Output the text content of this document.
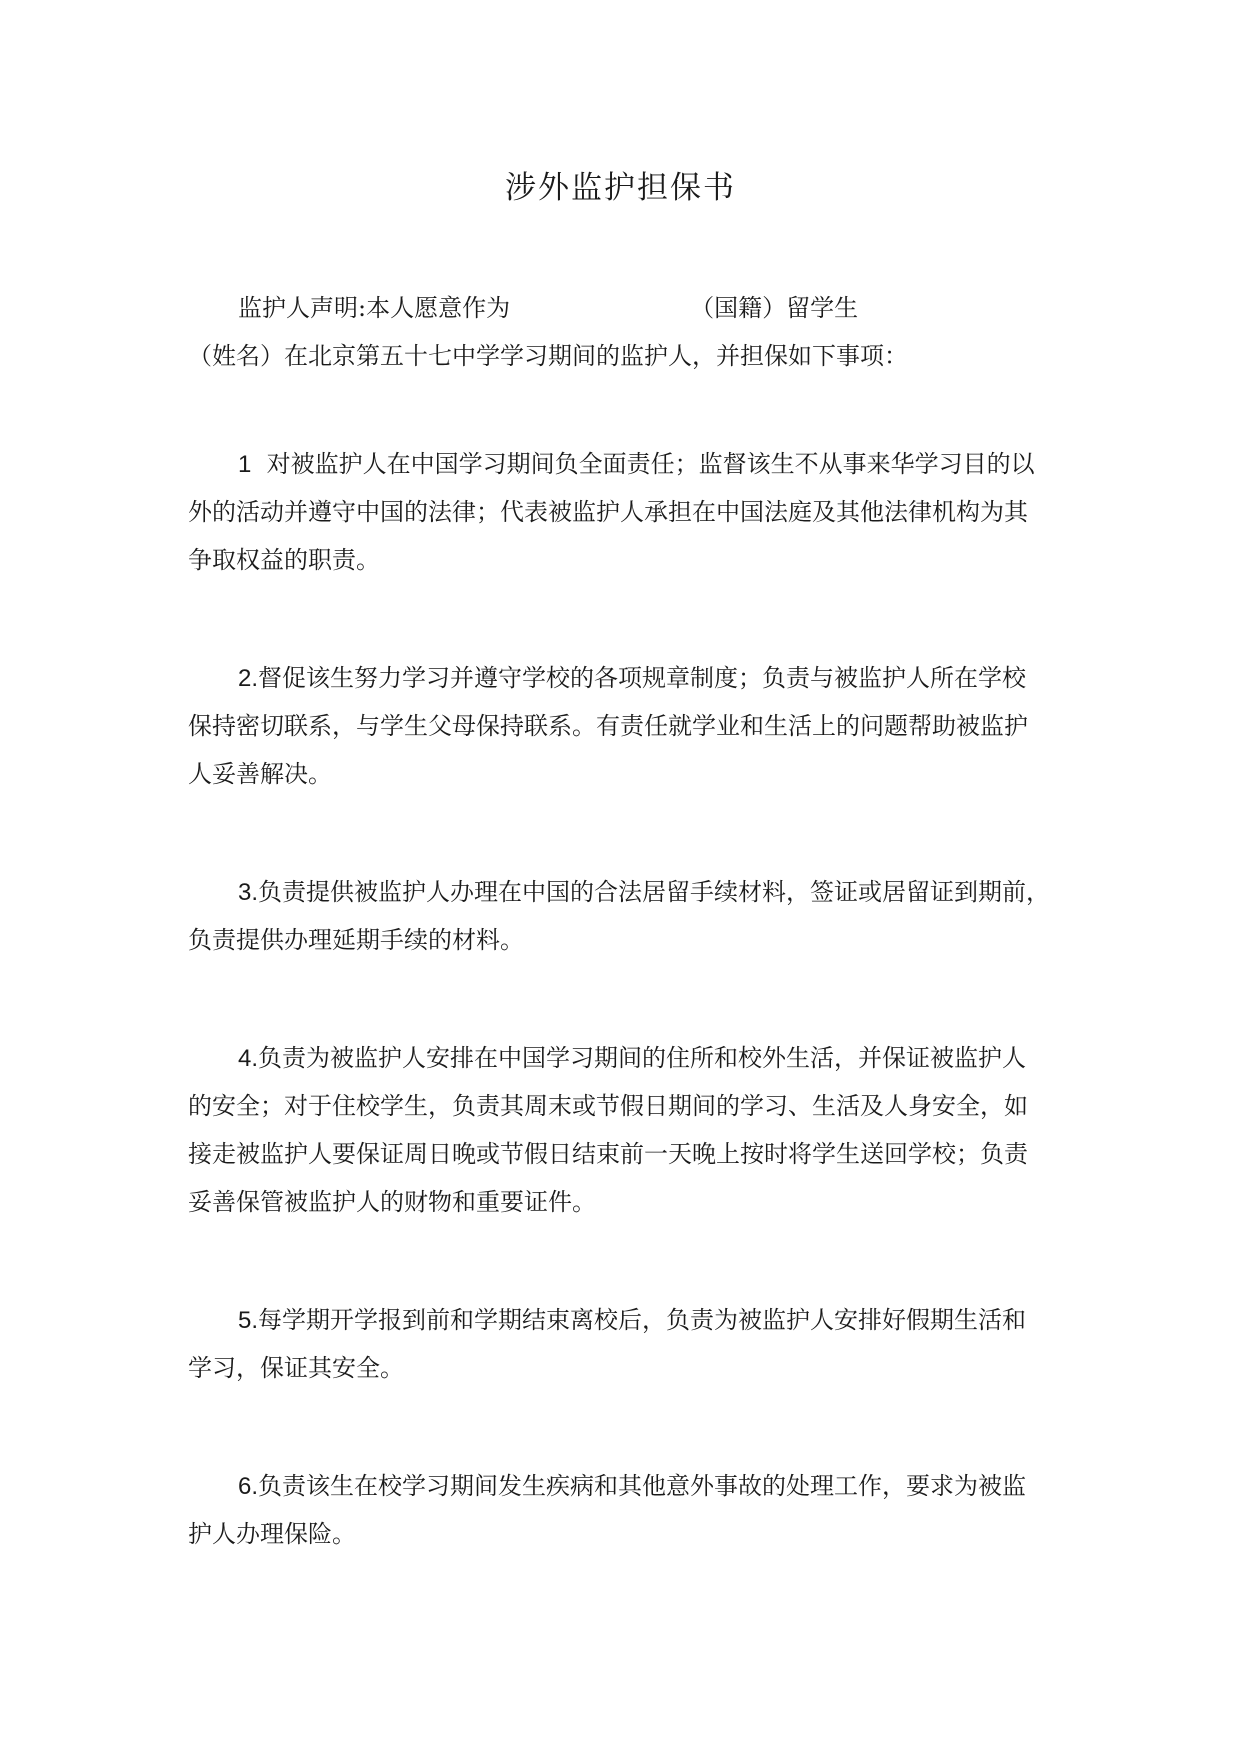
涉外监护担保书
监护人声明:本人愿意作为	（国籍）留学生
（姓名）在北京第五十七中学学习期间的监护人，并担保如下事项：
1 对被监护人在中国学习期间负全面责任；监督该生不从事来华学习目的以
外的活动并遵守中国的法律；代表被监护人承担在中国法庭及其他法律机构为其
争取权益的职责。
2.督促该生努力学习并遵守学校的各项规章制度；负责与被监护人所在学校
保持密切联系，与学生父母保持联系。有责任就学业和生活上的问题帮助被监护
人妥善解决。
3.负责提供被监护人办理在中国的合法居留手续材料，签证或居留证到期前，
负责提供办理延期手续的材料。
4.负责为被监护人安排在中国学习期间的住所和校外生活，并保证被监护人
的安全；对于住校学生，负责其周末或节假日期间的学习、生活及人身安全，如
接走被监护人要保证周日晚或节假日结束前一天晚上按时将学生送回学校；负责
妥善保管被监护人的财物和重要证件。
5.每学期开学报到前和学期结束离校后，负责为被监护人安排好假期生活和
学习，保证其安全。
6.负责该生在校学习期间发生疾病和其他意外事故的处理工作，要求为被监
护人办理保险。
